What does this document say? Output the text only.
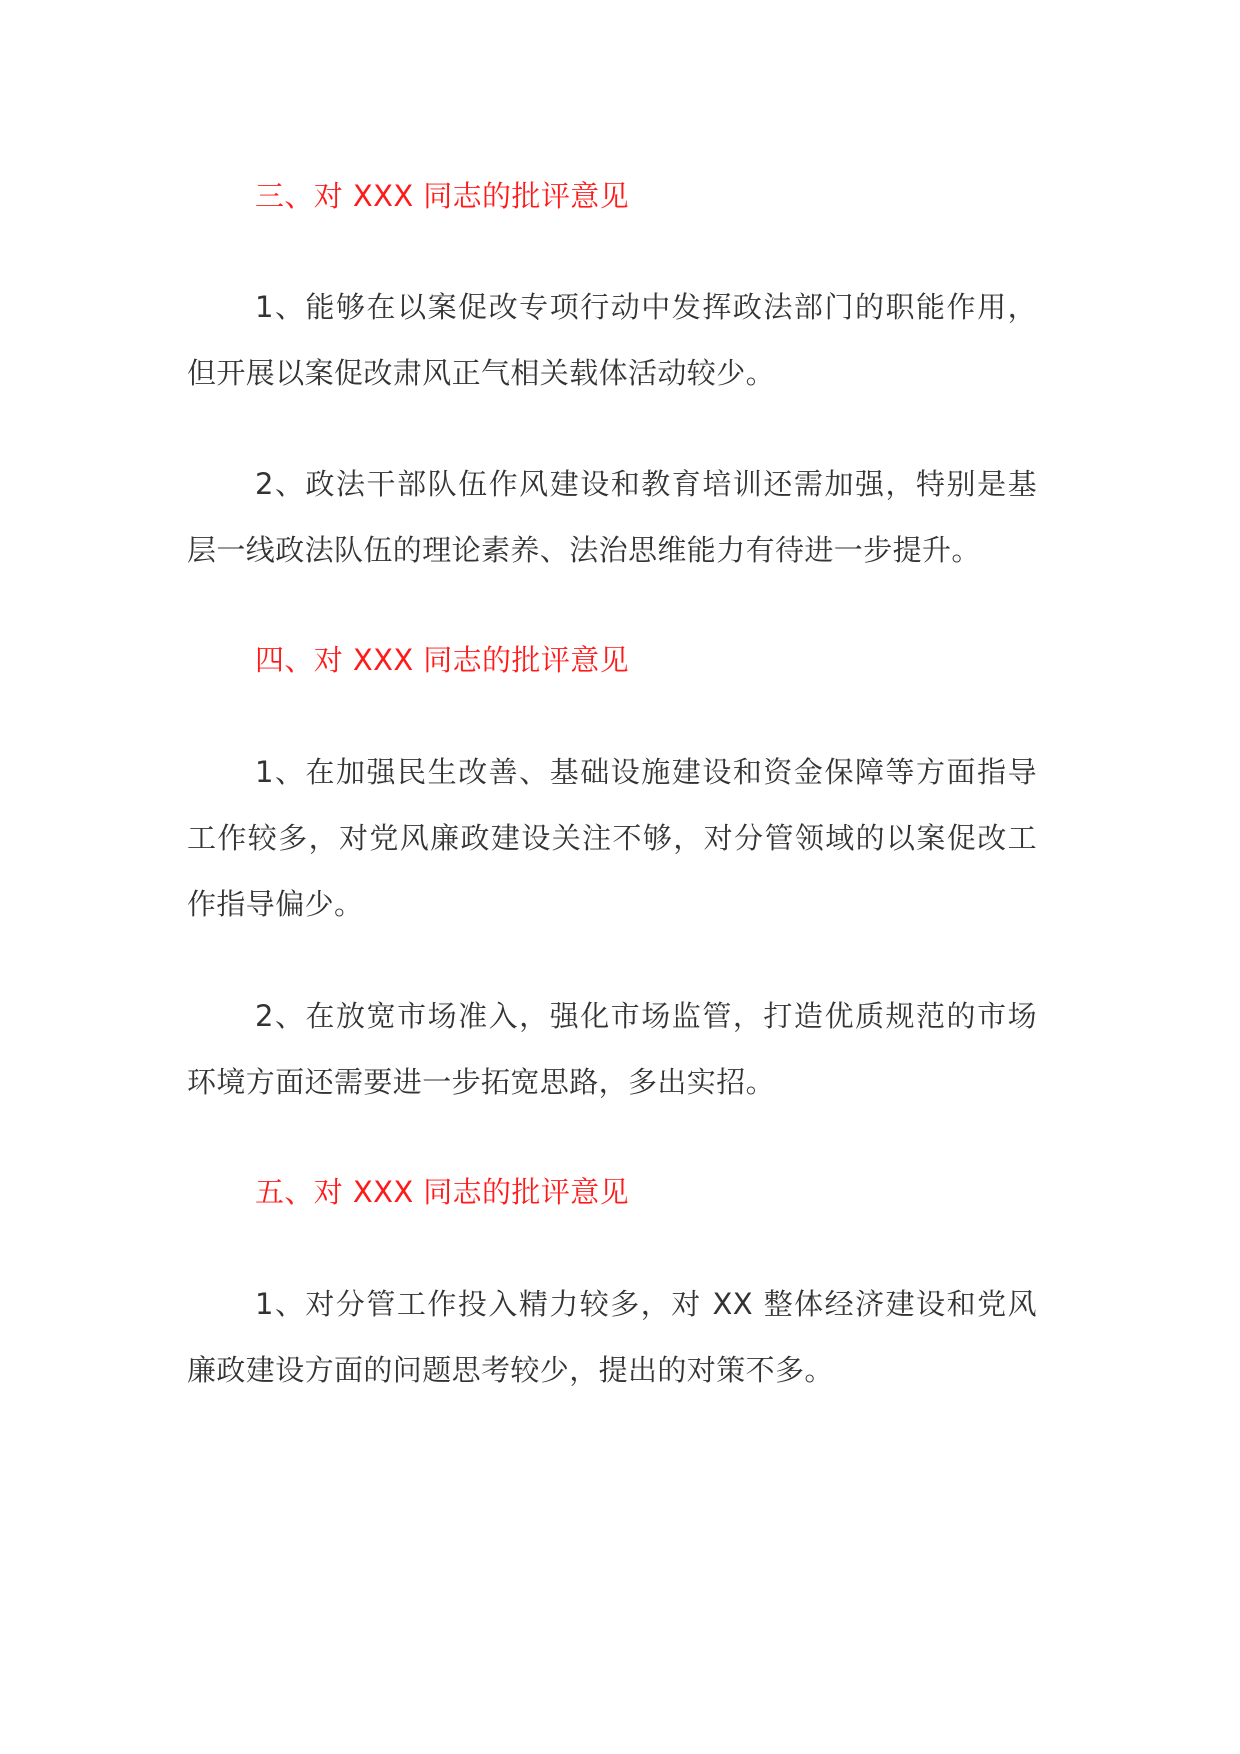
三、对 XXX 同志的批评意见

1、能够在以案促改专项行动中发挥政法部门的职能作用，但开展以案促改肃风正气相关载体活动较少。

2、政法干部队伍作风建设和教育培训还需加强，特别是基层一线政法队伍的理论素养、法治思维能力有待进一步提升。

四、对 XXX 同志的批评意见

1、在加强民生改善、基础设施建设和资金保障等方面指导工作较多，对党风廉政建设关注不够，对分管领域的以案促改工作指导偏少。

2、在放宽市场准入，强化市场监管，打造优质规范的市场环境方面还需要进一步拓宽思路，多出实招。

五、对 XXX 同志的批评意见

1、对分管工作投入精力较多，对 XX 整体经济建设和党风廉政建设方面的问题思考较少，提出的对策不多。
